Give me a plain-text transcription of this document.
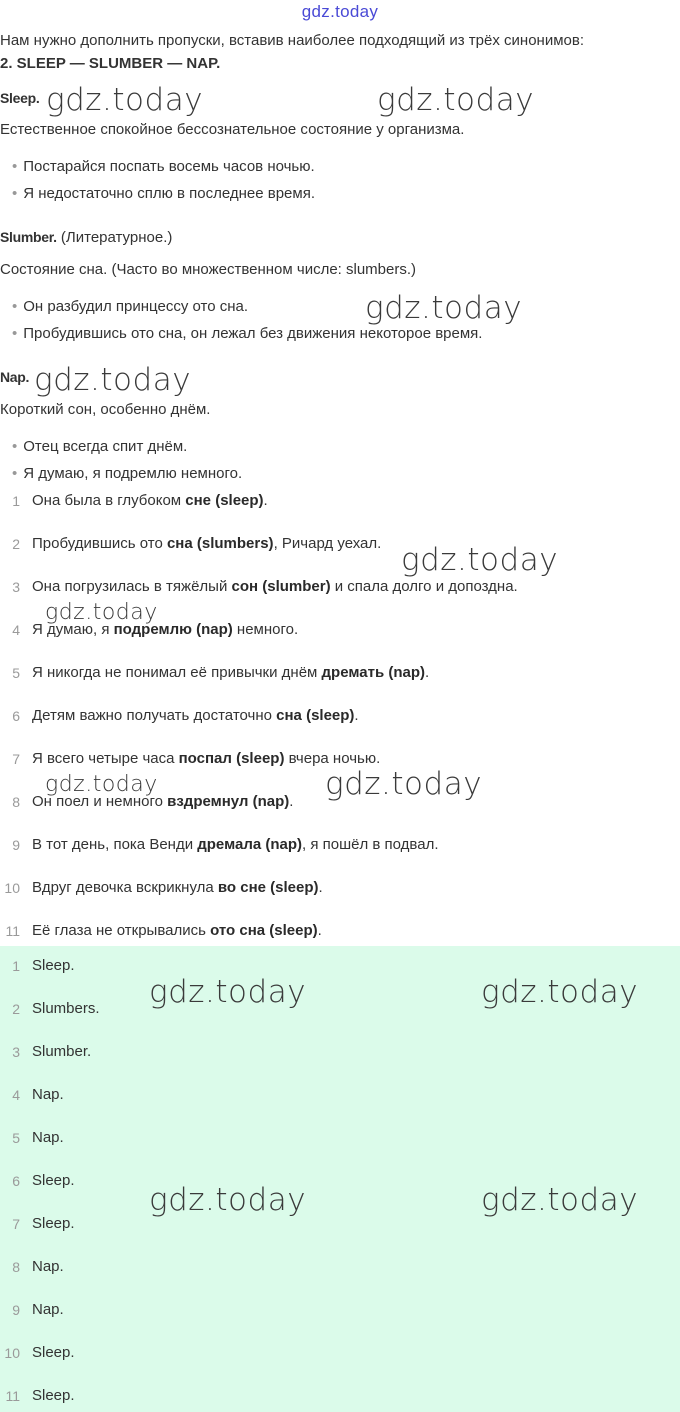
gdz.today
Нам нужно дополнить пропуски, вставив наиболее подходящий из трёх синонимов:
2. SLEEP — SLUMBER — NAP.
Sleep.
Естественное спокойное бессознательное состояние у организма.
• Постарайся поспать восемь часов ночью.
• Я недостаточно сплю в последнее время.
Slumber. (Литературное.)
Состояние сна. (Часто во множественном числе: slumbers.)
• Он разбудил принцессу ото сна.
• Пробудившись ото сна, он лежал без движения некоторое время.
Nap.
Короткий сон, особенно днём.
• Отец всегда спит днём.
• Я думаю, я подремлю немного.
1 Она была в глубоком сне (sleep).
2 Пробудившись ото сна (slumbers), Ричард уехал.
3 Она погрузилась в тяжёлый сон (slumber) и спала долго и допоздна.
4 Я думаю, я подремлю (nap) немного.
5 Я никогда не понимал её привычки днём дремать (nap).
6 Детям важно получать достаточно сна (sleep).
7 Я всего четыре часа поспал (sleep) вчера ночью.
8 Он поел и немного вздремнул (nap).
9 В тот день, пока Венди дремала (nap), я пошёл в подвал.
10 Вдруг девочка вскрикнула во сне (sleep).
11 Её глаза не открывались ото сна (sleep).
1 Sleep.
2 Slumbers.
3 Slumber.
4 Nap.
5 Nap.
6 Sleep.
7 Sleep.
8 Nap.
9 Nap.
10 Sleep.
11 Sleep.
gdz.today	gdz.today
gdz.today
gdz.today
gdz.today
gdz.today
gdz.today	gdz.today
gdz.today	gdz.today
gdz.today	gdz.today
